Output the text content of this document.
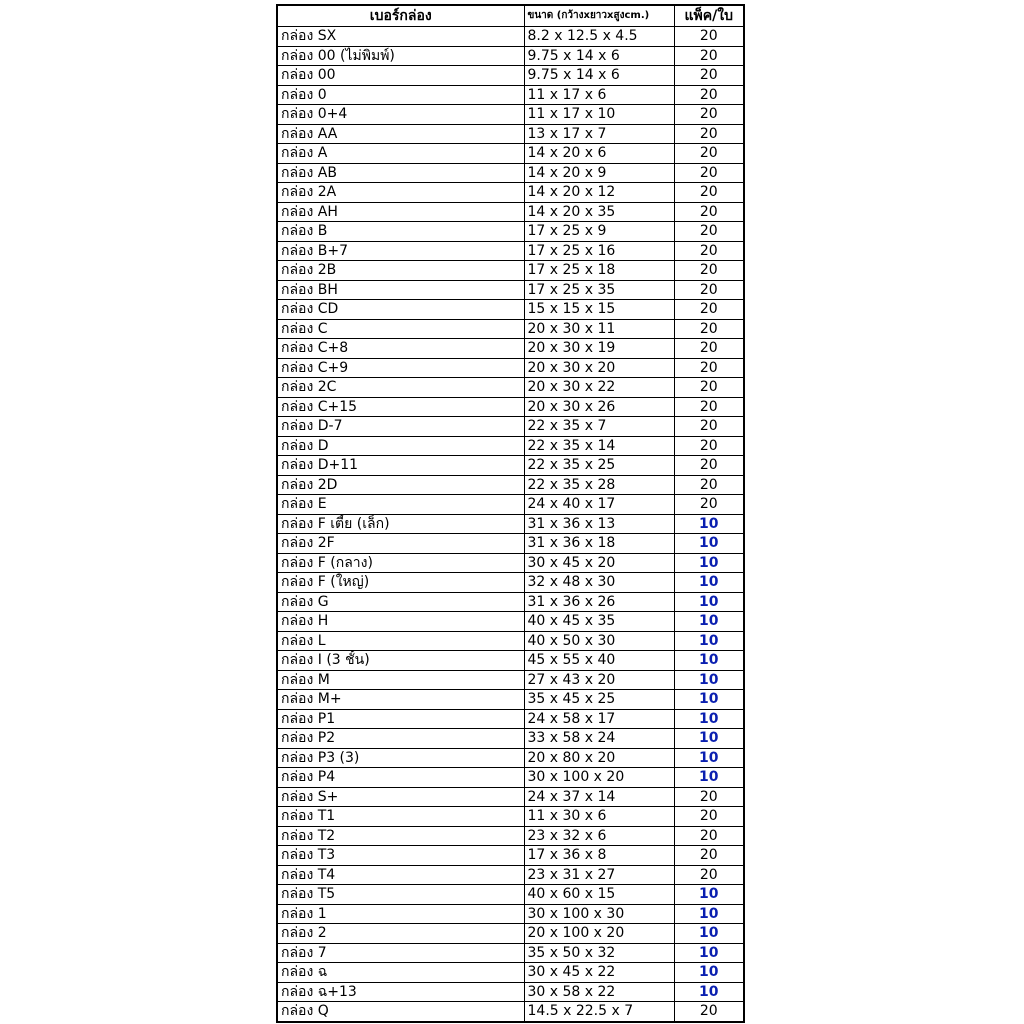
เบอร์กล่อง	ขนาด (กว้างxยาวxสูงcm.)	แพ็ค/ใบ
กล่อง SX	8.2 x 12.5 x 4.5	20
กล่อง 00 (ไม่พิมพ์)	9.75 x 14 x 6	20
กล่อง 00	9.75 x 14 x 6	20
กล่อง 0	11 x 17 x 6	20
กล่อง 0+4	11 x 17 x 10	20
กล่อง AA	13 x 17 x 7	20
กล่อง A	14 x 20 x 6	20
กล่อง AB	14 x 20 x 9	20
กล่อง 2A	14 x 20 x 12	20
กล่อง AH	14 x 20 x 35	20
กล่อง B	17 x 25 x 9	20
กล่อง B+7	17 x 25 x 16	20
กล่อง 2B	17 x 25 x 18	20
กล่อง BH	17 x 25 x 35	20
กล่อง CD	15 x 15 x 15	20
กล่อง C	20 x 30 x 11	20
กล่อง C+8	20 x 30 x 19	20
กล่อง C+9	20 x 30 x 20	20
กล่อง 2C	20 x 30 x 22	20
กล่อง C+15	20 x 30 x 26	20
กล่อง D-7	22 x 35 x 7	20
กล่อง D	22 x 35 x 14	20
กล่อง D+11	22 x 35 x 25	20
กล่อง 2D	22 x 35 x 28	20
กล่อง E	24 x 40 x 17	20
กล่อง F เตี้ย (เล็ก)	31 x 36 x 13	10
กล่อง 2F	31 x 36 x 18	10
กล่อง F (กลาง)	30 x 45 x 20	10
กล่อง F (ใหญ่)	32 x 48 x 30	10
กล่อง G	31 x 36 x 26	10
กล่อง H	40 x 45 x 35	10
กล่อง L	40 x 50 x 30	10
กล่อง I (3 ชั้น)	45 x 55 x 40	10
กล่อง M	27 x 43 x 20	10
กล่อง M+	35 x 45 x 25	10
กล่อง P1	24 x 58 x 17	10
กล่อง P2	33 x 58 x 24	10
กล่อง P3 (3)	20 x 80 x 20	10
กล่อง P4	30 x 100 x 20	10
กล่อง S+	24 x 37 x 14	20
กล่อง T1	11 x 30 x 6	20
กล่อง T2	23 x 32 x 6	20
กล่อง T3	17 x 36 x 8	20
กล่อง T4	23 x 31 x 27	20
กล่อง T5	40 x 60 x 15	10
กล่อง 1	30 x 100 x 30	10
กล่อง 2	20 x 100 x 20	10
กล่อง 7	35 x 50 x 32	10
กล่อง ฉ	30 x 45 x 22	10
กล่อง ฉ+13	30 x 58 x 22	10
กล่อง Q	14.5 x 22.5 x 7	20
